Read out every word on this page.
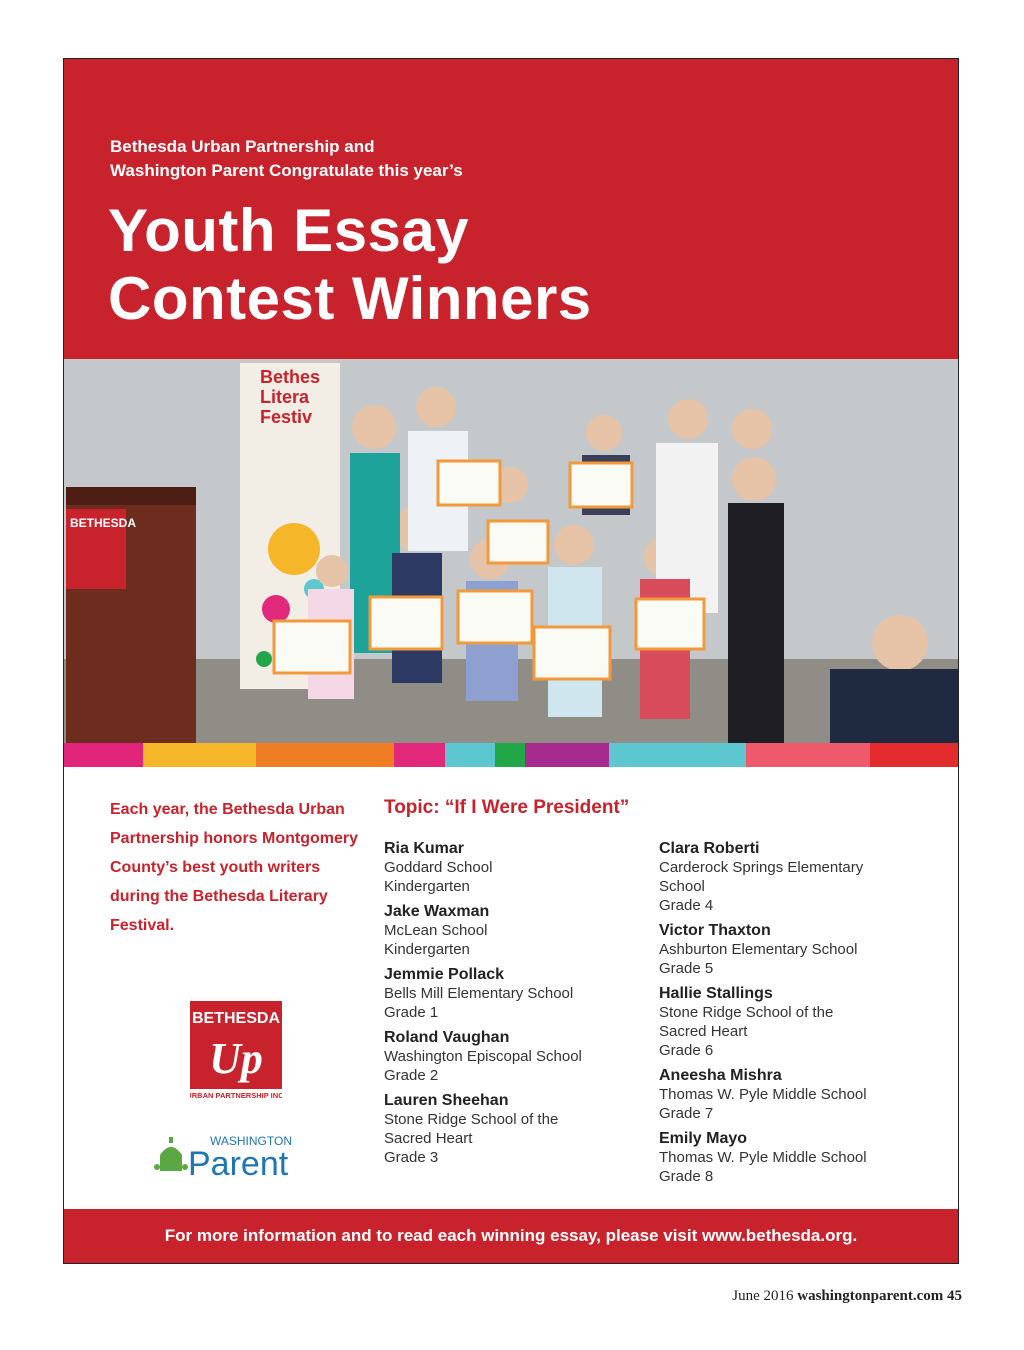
Bethesda Urban Partnership and
Washington Parent Congratulate this year’s
Youth Essay
Contest Winners
BETHESDA
Bethes
Litera
Festiv
Each year, the Bethesda Urban Partnership honors Montgomery County’s best youth writers during the Bethesda Literary Festival.
Topic: “If I Were President”
Ria Kumar
Goddard School
Kindergarten
Jake Waxman
McLean School
Kindergarten
Jemmie Pollack
Bells Mill Elementary School
Grade 1
Roland Vaughan
Washington Episcopal School
Grade 2
Lauren Sheehan
Stone Ridge School of the Sacred Heart
Grade 3
Clara Roberti
Carderock Springs Elementary School
Grade 4
Victor Thaxton
Ashburton Elementary School
Grade 5
Hallie Stallings
Stone Ridge School of the Sacred Heart
Grade 6
Aneesha Mishra
Thomas W. Pyle Middle School
Grade 7
Emily Mayo
Thomas W. Pyle Middle School
Grade 8
BETHESDA
Up
URBAN PARTNERSHIP INC.
WASHINGTON
Parent
For more information and to read each winning essay, please visit www.bethesda.org.
June 2016 washingtonparent.com 45
